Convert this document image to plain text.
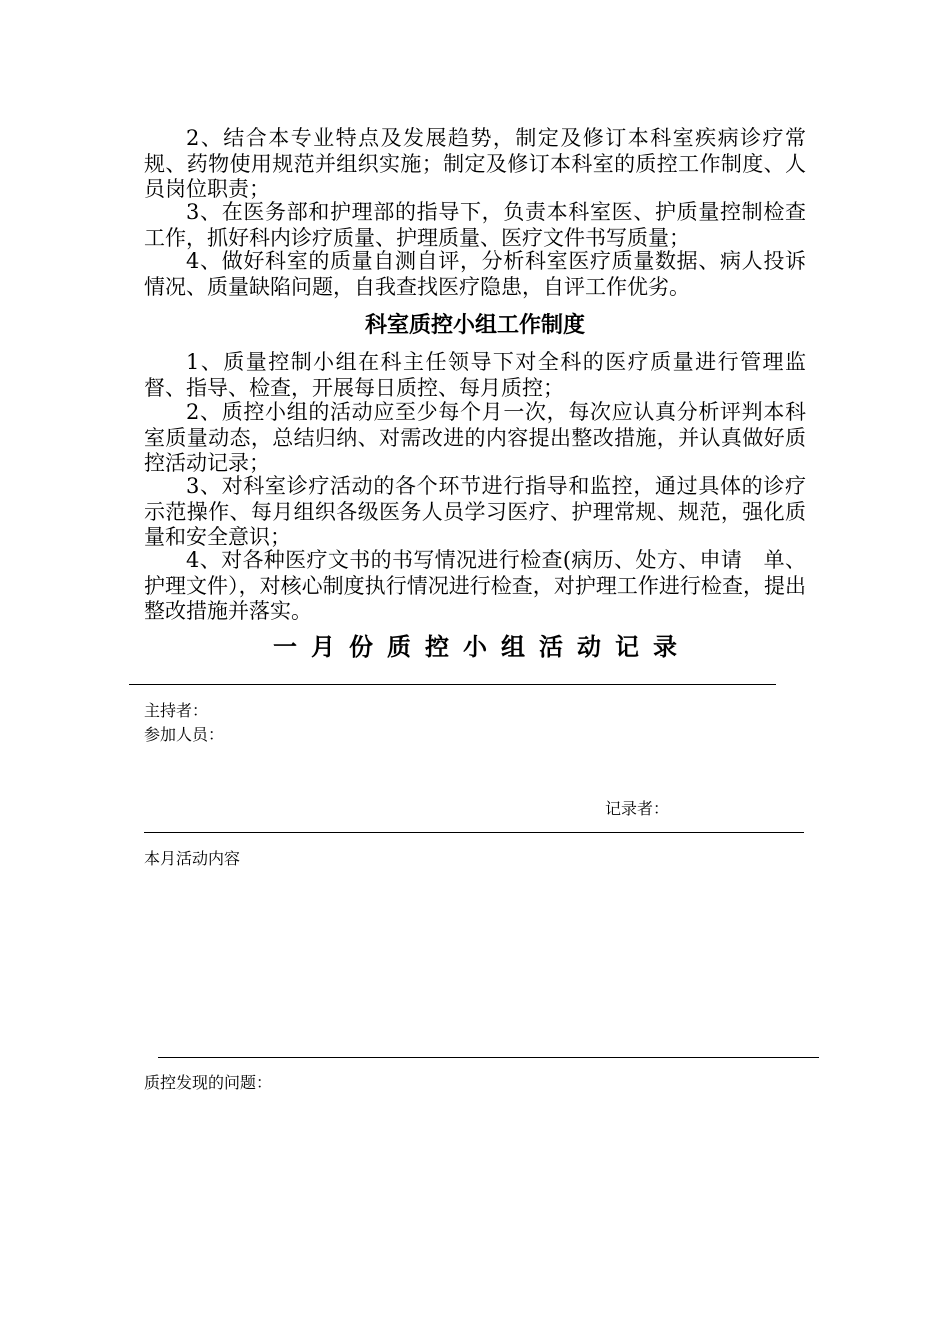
2、结合本专业特点及发展趋势，制定及修订本科室疾病诊疗常规、药物使用规范并组织实施；制定及修订本科室的质控工作制度、人员岗位职责；

3、在医务部和护理部的指导下，负责本科室医、护质量控制检查工作，抓好科内诊疗质量、护理质量、医疗文件书写质量；

4、做好科室的质量自测自评，分析科室医疗质量数据、病人投诉情况、质量缺陷问题，自我查找医疗隐患，自评工作优劣。

科室质控小组工作制度

1、质量控制小组在科主任领导下对全科的医疗质量进行管理监督、指导、检查，开展每日质控、每月质控；

2、质控小组的活动应至少每个月一次，每次应认真分析评判本科室质量动态，总结归纳、对需改进的内容提出整改措施，并认真做好质控活动记录；

3、对科室诊疗活动的各个环节进行指导和监控，通过具体的诊疗示范操作、每月组织各级医务人员学习医疗、护理常规、规范，强化质量和安全意识；

4、对各种医疗文书的书写情况进行检查(病历、处方、申请　单、护理文件），对核心制度执行情况进行检查，对护理工作进行检查，提出整改措施并落实。

一月份质控小组活动记录

主持者：

参加人员：

记录者：

本月活动内容

质控发现的问题：
